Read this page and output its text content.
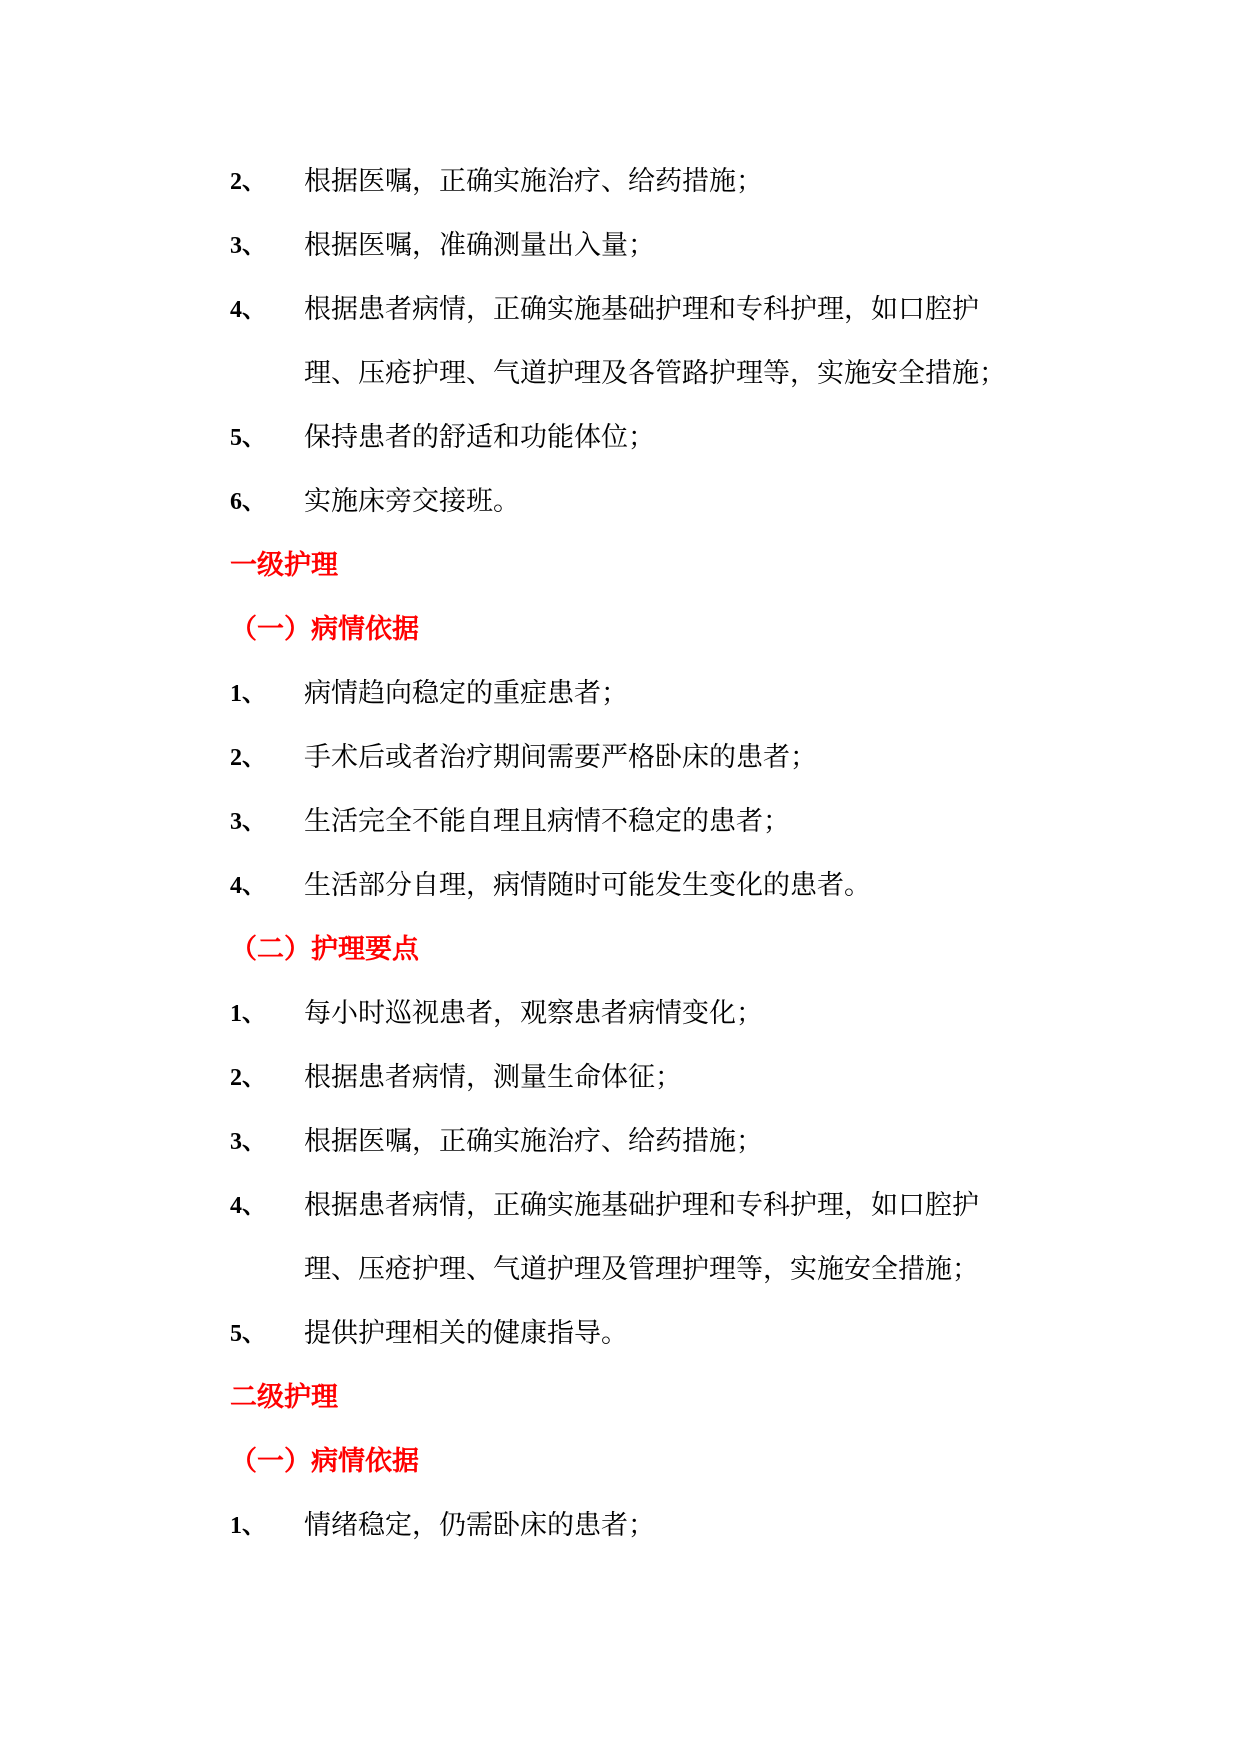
2、 根据医嘱，正确实施治疗、给药措施；
3、 根据医嘱，准确测量出入量；
4、 根据患者病情，正确实施基础护理和专科护理，如口腔护
理、压疮护理、气道护理及各管路护理等，实施安全措施；
5、 保持患者的舒适和功能体位；
6、 实施床旁交接班。
一级护理
（一）病情依据
1、 病情趋向稳定的重症患者；
2、 手术后或者治疗期间需要严格卧床的患者；
3、 生活完全不能自理且病情不稳定的患者；
4、 生活部分自理，病情随时可能发生变化的患者。
（二）护理要点
1、 每小时巡视患者，观察患者病情变化；
2、 根据患者病情，测量生命体征；
3、 根据医嘱，正确实施治疗、给药措施；
4、 根据患者病情，正确实施基础护理和专科护理，如口腔护
理、压疮护理、气道护理及管理护理等，实施安全措施；
5、 提供护理相关的健康指导。
二级护理
（一）病情依据
1、 情绪稳定，仍需卧床的患者；
